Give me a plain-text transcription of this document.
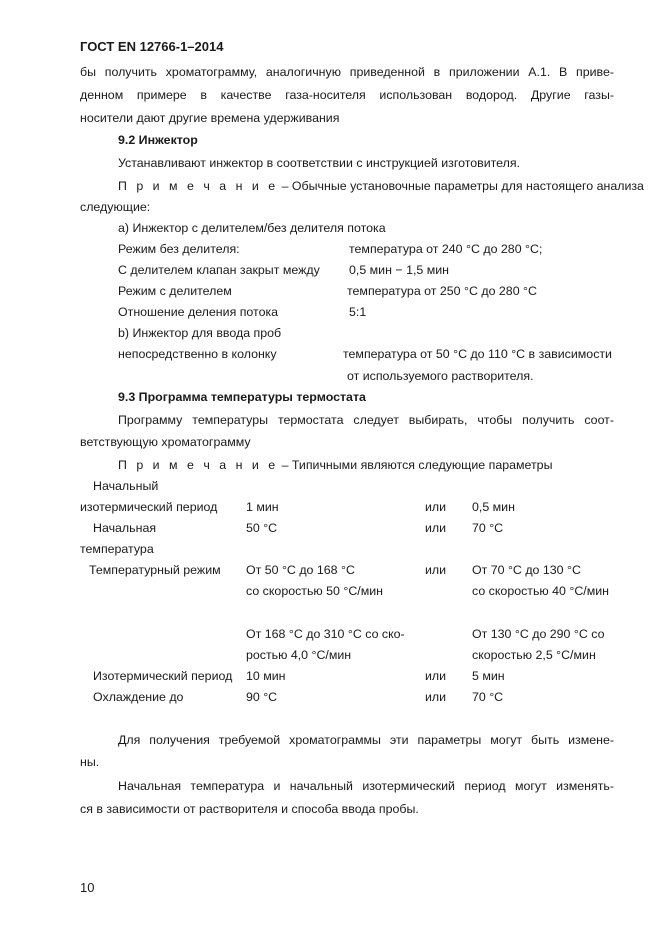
ГОСТ EN 12766-1–2014
бы получить хроматограмму, аналогичную приведенной в приложении А.1. В приве-
денном примере в качестве газа-носителя использован водород. Другие газы-
носители дают другие времена удерживания
9.2 Инжектор
Устанавливают инжектор в соответствии с инструкцией изготовителя.
П р и м е ч а н и е – Обычные установочные параметры для настоящего анализа
следующие:
a) Инжектор с делителем/без делителя потока
Режим без делителя:	температура от 240 °С до 280 °С;
С делителем клапан закрыт между 0,5 мин − 1,5 мин
Режим с делителем	температура от 250 °С до 280 °С
Отношение деления потока	5:1
b) Инжектор для ввода проб
непосредственно в колонку	температура от 50 °С до 110 °С в зависимости
от используемого растворителя.
9.3 Программа температуры термостата
Программу температуры термостата следует выбирать, чтобы получить соот-
ветствующую хроматограмму
П р и м е ч а н и е – Типичными являются следующие параметры
Начальный
изотермический период 1 мин	или 0,5 мин
Начальная	50 °С	или 70 °С
температура
Температурный режим От 50 °С до 168 °С	или От 70 °С до 130 °С
со скоростью 50 °С/мин	со скоростью 40 °С/мин
От 168 °С до 310 °С со ско-	От 130 °С до 290 °С со
ростью 4,0 °С/мин	скоростью 2,5 °С/мин
Изотермический период 10 мин	или 5 мин
Охлаждение до	90 °С	или 70 °С
Для получения требуемой хроматограммы эти параметры могут быть измене-
ны.
Начальная температура и начальный изотермический период могут изменять-
ся в зависимости от растворителя и способа ввода пробы.
10
